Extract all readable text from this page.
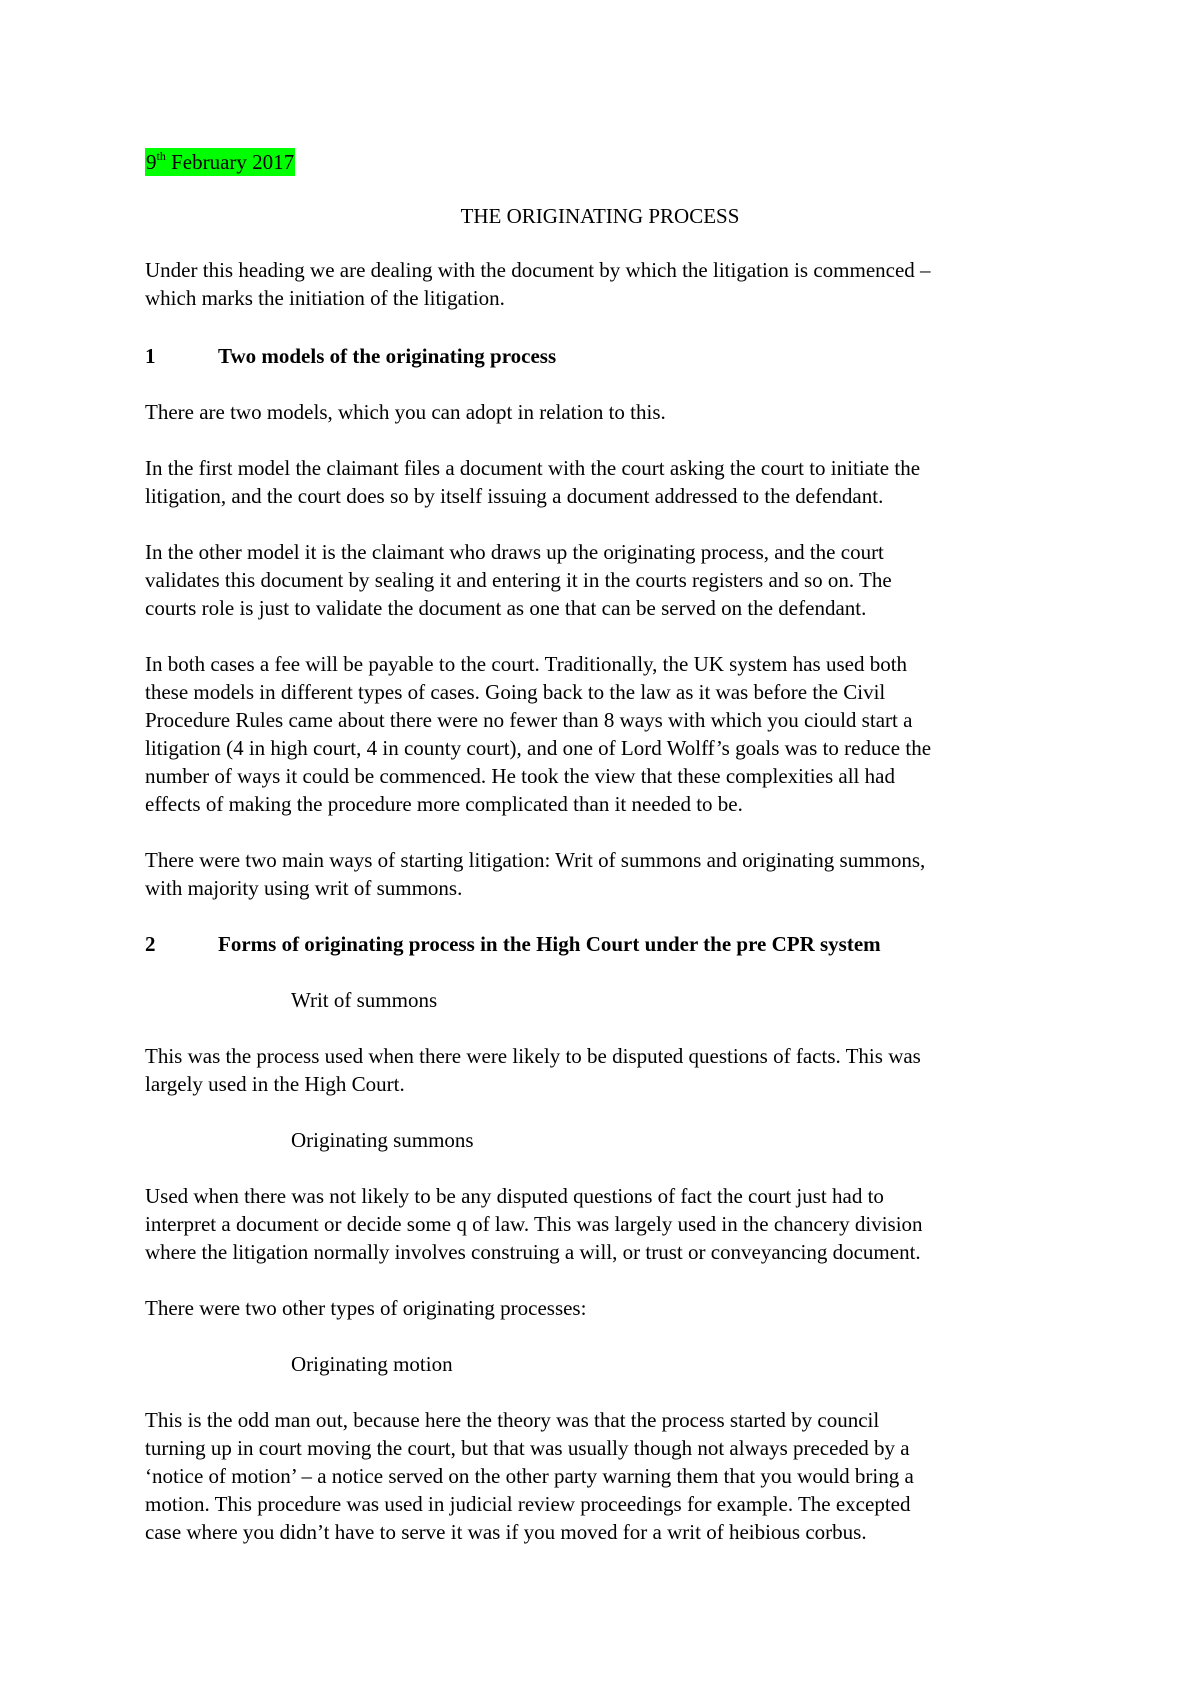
9th February 2017

THE ORIGINATING PROCESS

Under this heading we are dealing with the document by which the litigation is commenced –

which marks the initiation of the litigation.

1	Two models of the originating process

There are two models, which you can adopt in relation to this.

In the first model the claimant files a document with the court asking the court to initiate the

litigation, and the court does so by itself issuing a document addressed to the defendant.

In the other model it is the claimant who draws up the originating process, and the court

validates this document by sealing it and entering it in the courts registers and so on. The

courts role is just to validate the document as one that can be served on the defendant.

In both cases a fee will be payable to the court. Traditionally, the UK system has used both

these models in different types of cases. Going back to the law as it was before the Civil

Procedure Rules came about there were no fewer than 8 ways with which you ciould start a

litigation (4 in high court, 4 in county court), and one of Lord Wolff’s goals was to reduce the

number of ways it could be commenced. He took the view that these complexities all had

effects of making the procedure more complicated than it needed to be.

There were two main ways of starting litigation: Writ of summons and originating summons,

with majority using writ of summons.

2	Forms of originating process in the High Court under the pre CPR system

Writ of summons

This was the process used when there were likely to be disputed questions of facts. This was

largely used in the High Court.

Originating summons

Used when there was not likely to be any disputed questions of fact the court just had to

interpret a document or decide some q of law. This was largely used in the chancery division

where the litigation normally involves construing a will, or trust or conveyancing document.

There were two other types of originating processes:

Originating motion

This is the odd man out, because here the theory was that the process started by council

turning up in court moving the court, but that was usually though not always preceded by a

‘notice of motion’ – a notice served on the other party warning them that you would bring a

motion. This procedure was used in judicial review proceedings for example. The excepted

case where you didn’t have to serve it was if you moved for a writ of heibious corbus.
